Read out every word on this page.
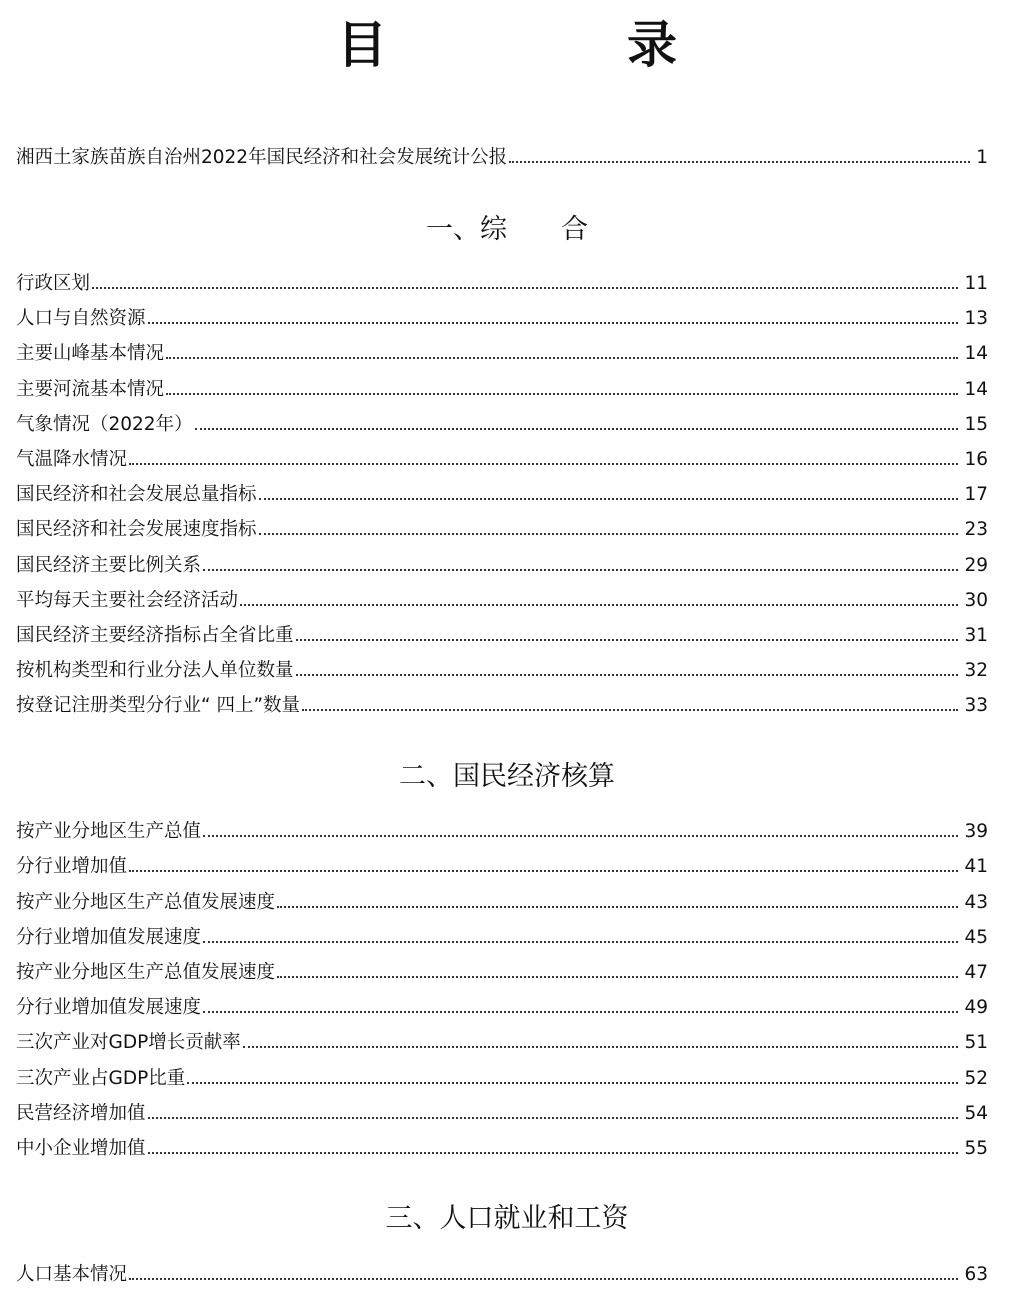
目　录
湘西土家族苗族自治州2022年国民经济和社会发展统计公报	1
一、综　　合
行政区划	11
人口与自然资源	13
主要山峰基本情况	14
主要河流基本情况	14
气象情况（2022年）	15
气温降水情况	16
国民经济和社会发展总量指标	17
国民经济和社会发展速度指标	23
国民经济主要比例关系	29
平均每天主要社会经济活动	30
国民经济主要经济指标占全省比重	31
按机构类型和行业分法人单位数量	32
按登记注册类型分行业“ 四上”数量	33
二、国民经济核算
按产业分地区生产总值	39
分行业增加值	41
按产业分地区生产总值发展速度	43
分行业增加值发展速度	45
按产业分地区生产总值发展速度	47
分行业增加值发展速度	49
三次产业对GDP增长贡献率	51
三次产业占GDP比重	52
民营经济增加值	54
中小企业增加值	55
三、人口就业和工资
人口基本情况	63
